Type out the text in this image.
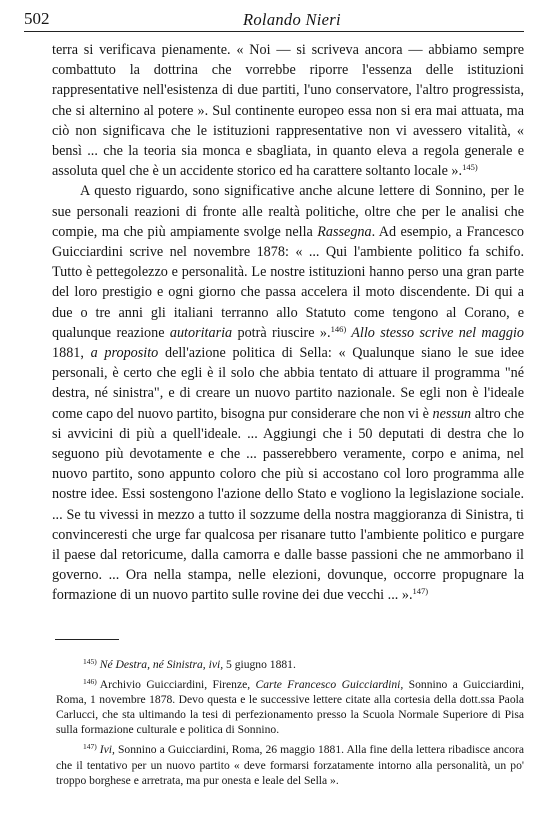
502	Rolando Nieri

terra si verificava pienamente. « Noi — si scriveva ancora — abbiamo sempre combattuto la dottrina che vorrebbe riporre l'essenza delle istituzioni rappresentative nell'esistenza di due partiti, l'uno conservatore, l'altro progressista, che si alternino al potere ». Sul continente europeo essa non si era mai attuata, ma ciò non significava che le istituzioni rappresentative non vi avessero vitalità, « bensì ... che la teoria sia monca e sbagliata, in quanto eleva a regola generale e assoluta quel che è un accidente storico ed ha carattere soltanto locale ».$^{145)}$

A questo riguardo, sono significative anche alcune lettere di Sonnino, per le sue personali reazioni di fronte alle realtà politiche, oltre che per le analisi che compie, ma che più ampiamente svolge nella Rassegna. Ad esempio, a Francesco Guicciardini scrive nel novembre 1878: « ... Qui l'ambiente politico fa schifo. Tutto è pettegolezzo e personalità. Le nostre istituzioni hanno perso una gran parte del loro prestigio e ogni giorno che passa accelera il moto discendente. Di qui a due o tre anni gli italiani terranno allo Statuto come tengono al Corano, e qualunque reazione autoritaria potrà riuscire ».$^{146)}$ Allo stesso scrive nel maggio 1881, a proposito dell'azione politica di Sella: « Qualunque siano le sue idee personali, è certo che egli è il solo che abbia tentato di attuare il programma "né destra, né sinistra", e di creare un nuovo partito nazionale. Se egli non è l'ideale come capo del nuovo partito, bisogna pur considerare che non vi è nessun altro che si avvicini di più a quell'ideale. ... Aggiungi che i 50 deputati di destra che lo seguono più devotamente e che ... passerebbero veramente, corpo e anima, nel nuovo partito, sono appunto coloro che più si accostano col loro programma alle nostre idee. Essi sostengono l'azione dello Stato e vogliono la legislazione sociale. ... Se tu vivessi in mezzo a tutto il sozzume della nostra maggioranza di Sinistra, ti convinceresti che urge far qualcosa per risanare tutto l'ambiente politico e purgare il paese dal retoricume, dalla camorra e dalle basse passioni che ne ammorbano il governo. ... Ora nella stampa, nelle elezioni, dovunque, occorre propugnare la formazione di un nuovo partito sulle rovine dei due vecchi ... ».$^{147)}$

$^{145)}$ Né Destra, né Sinistra, ivi, 5 giugno 1881.

$^{146)}$ Archivio Guicciardini, Firenze, Carte Francesco Guicciardini, Sonnino a Guicciardini, Roma, 1 novembre 1878. Devo questa e le successive lettere citate alla cortesia della dott.ssa Paola Carlucci, che sta ultimando la tesi di perfezionamento presso la Scuola Normale Superiore di Pisa sulla formazione culturale e politica di Sonnino.

$^{147)}$ Ivi, Sonnino a Guicciardini, Roma, 26 maggio 1881. Alla fine della lettera ribadisce ancora che il tentativo per un nuovo partito « deve formarsi forzatamente intorno alla personalità, un po' troppo borghese e arretrata, ma pur onesta e leale del Sella ».
